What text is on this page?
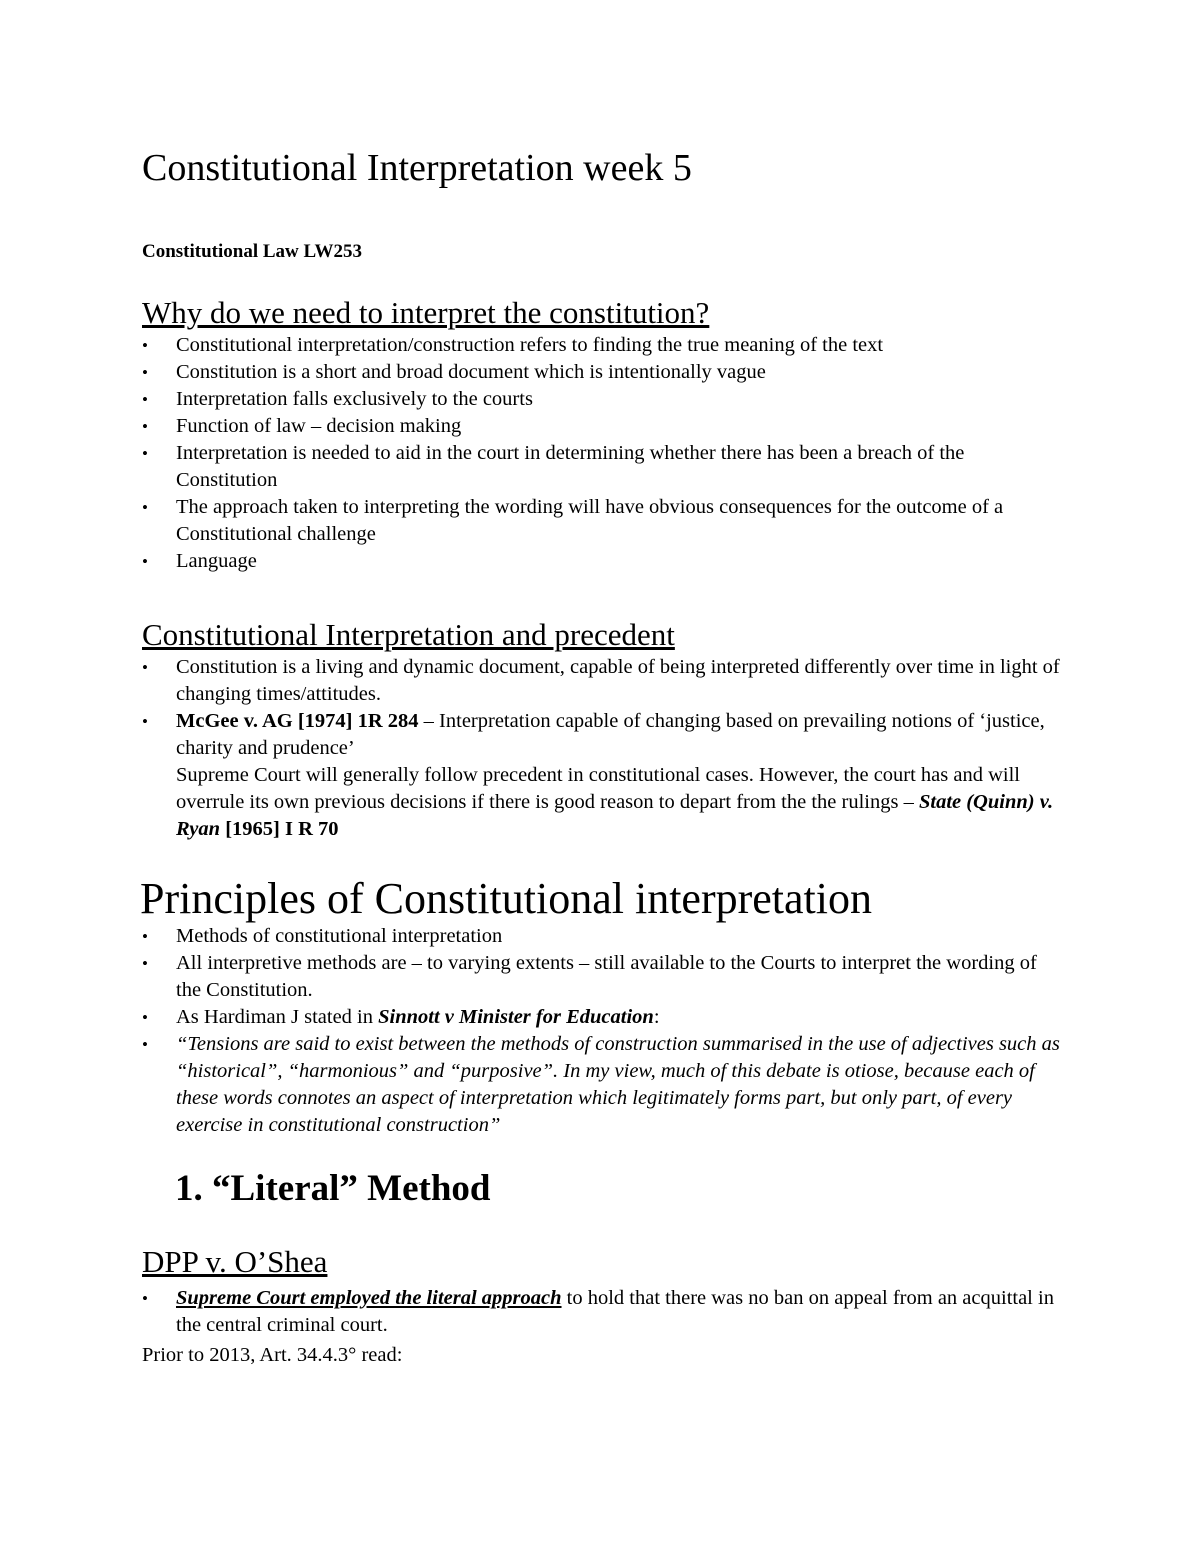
Constitutional Interpretation week 5

Constitutional Law LW253

Why do we need to interpret the constitution?
•	Constitutional interpretation/construction refers to finding the true meaning of the text
•	Constitution is a short and broad document which is intentionally vague
•	Interpretation falls exclusively to the courts
•	Function of law – decision making
•	Interpretation is needed to aid in the court in determining whether there has been a breach of the Constitution
•	The approach taken to interpreting the wording will have obvious consequences for the outcome of a Constitutional challenge
•	Language
Constitutional Interpretation and precedent
•	Constitution is a living and dynamic document, capable of being interpreted differently over time in light of changing times/attitudes.
•	McGee v. AG [1974] 1R 284 – Interpretation capable of changing based on prevailing notions of ‘justice, charity and prudence’
Supreme Court will generally follow precedent in constitutional cases. However, the court has and will overrule its own previous decisions if there is good reason to depart from the the rulings – State (Quinn) v. Ryan [1965] I R 70
Principles of Constitutional interpretation
•	Methods of constitutional interpretation
•	All interpretive methods are – to varying extents – still available to the Courts to interpret the wording of the Constitution.
•	As Hardiman J stated in Sinnott v Minister for Education:
•	“Tensions are said to exist between the methods of construction summarised in the use of adjectives such as “historical”, “harmonious” and “purposive”. In my view, much of this debate is otiose, because each of these words connotes an aspect of interpretation which legitimately forms part, but only part, of every exercise in constitutional construction”
1. “Literal” Method
DPP v. O’Shea
•	Supreme Court employed the literal approach to hold that there was no ban on appeal from an acquittal in the central criminal court.

Prior to 2013, Art. 34.4.3° read:
